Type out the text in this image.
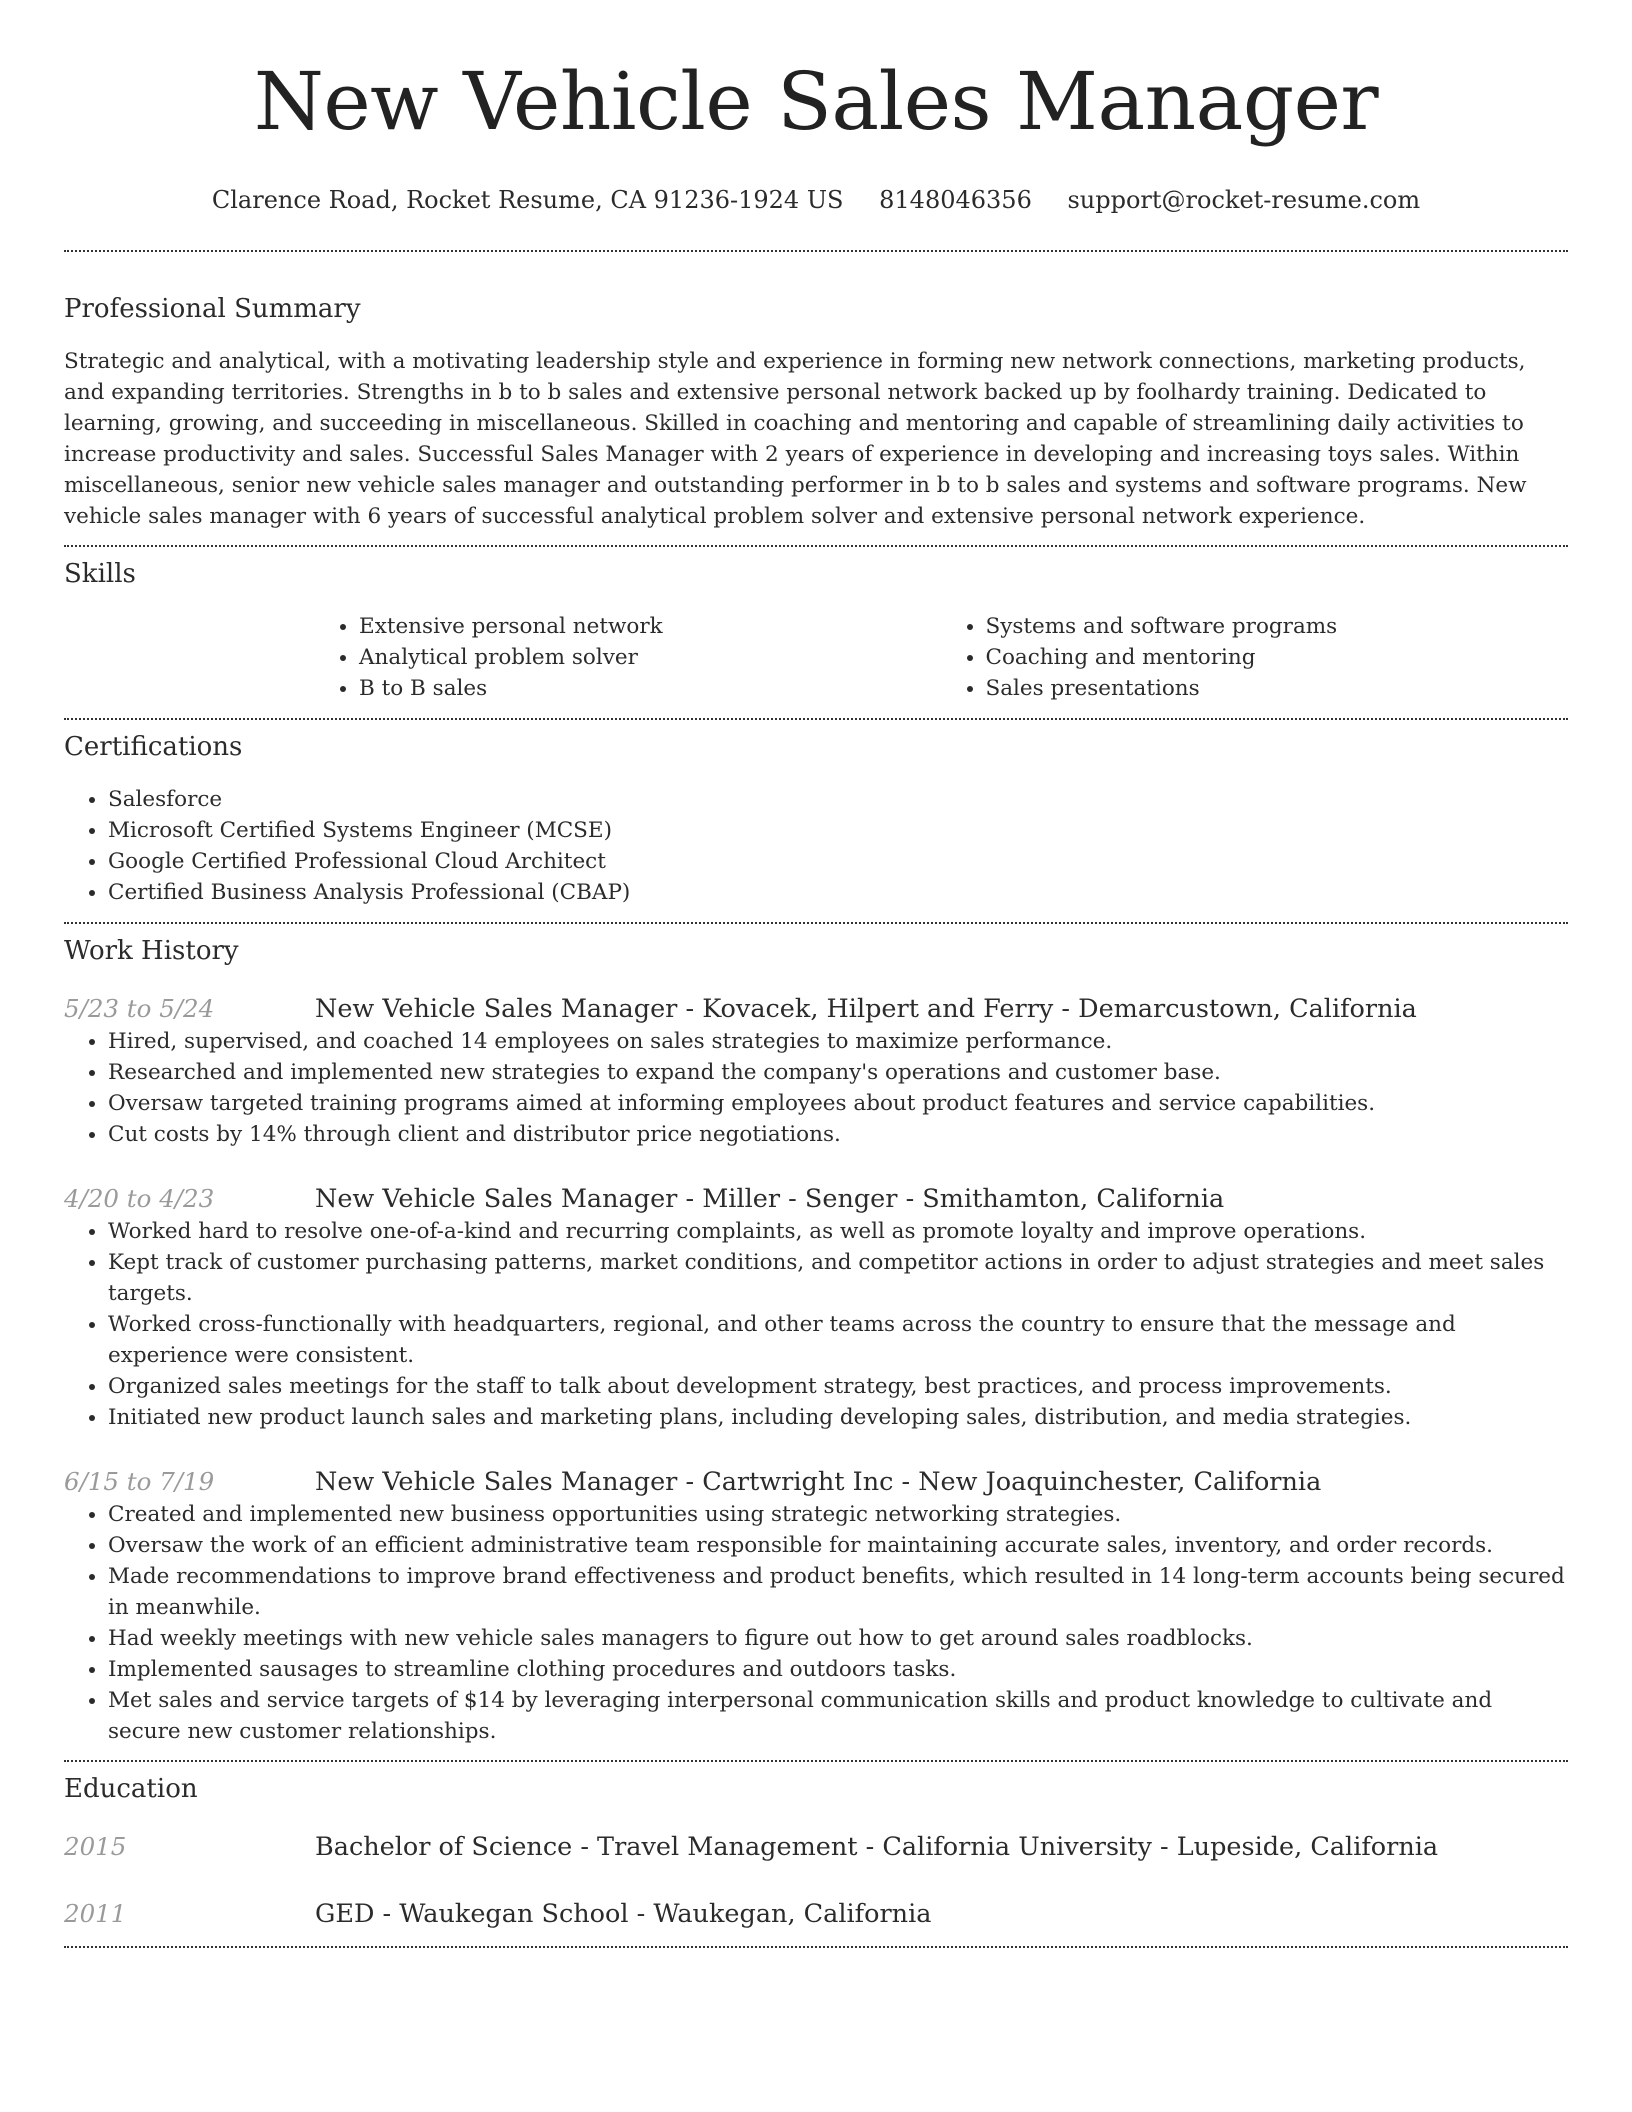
New Vehicle Sales Manager
Clarence Road, Rocket Resume, CA 91236-1924 US 8148046356 support@rocket-resume.com
Professional Summary

Strategic and analytical, with a motivating leadership style and experience in forming new network connections, marketing products, and expanding territories. Strengths in b to b sales and extensive personal network backed up by foolhardy training. Dedicated to learning, growing, and succeeding in miscellaneous. Skilled in coaching and mentoring and capable of streamlining daily activities to increase productivity and sales. Successful Sales Manager with 2 years of experience in developing and increasing toys sales. Within miscellaneous, senior new vehicle sales manager and outstanding performer in b to b sales and systems and software programs. New vehicle sales manager with 6 years of successful analytical problem solver and extensive personal network experience.

Skills
• Extensive personal network
• Analytical problem solver
• B to B sales
• Systems and software programs
• Coaching and mentoring
• Sales presentations
Certifications
• Salesforce
• Microsoft Certified Systems Engineer (MCSE)
• Google Certified Professional Cloud Architect
• Certified Business Analysis Professional (CBAP)
Work History
5/23 to 5/24	New Vehicle Sales Manager - Kovacek, Hilpert and Ferry - Demarcustown, California
• Hired, supervised, and coached 14 employees on sales strategies to maximize performance.
• Researched and implemented new strategies to expand the company's operations and customer base.
• Oversaw targeted training programs aimed at informing employees about product features and service capabilities.
• Cut costs by 14% through client and distributor price negotiations.
4/20 to 4/23	New Vehicle Sales Manager - Miller - Senger - Smithamton, California
• Worked hard to resolve one-of-a-kind and recurring complaints, as well as promote loyalty and improve operations.
• Kept track of customer purchasing patterns, market conditions, and competitor actions in order to adjust strategies and meet sales targets.
• Worked cross-functionally with headquarters, regional, and other teams across the country to ensure that the message and experience were consistent.
• Organized sales meetings for the staff to talk about development strategy, best practices, and process improvements.
• Initiated new product launch sales and marketing plans, including developing sales, distribution, and media strategies.
6/15 to 7/19	New Vehicle Sales Manager - Cartwright Inc - New Joaquinchester, California
• Created and implemented new business opportunities using strategic networking strategies.
• Oversaw the work of an efficient administrative team responsible for maintaining accurate sales, inventory, and order records.
• Made recommendations to improve brand effectiveness and product benefits, which resulted in 14 long-term accounts being secured in meanwhile.
• Had weekly meetings with new vehicle sales managers to figure out how to get around sales roadblocks.
• Implemented sausages to streamline clothing procedures and outdoors tasks.
• Met sales and service targets of $14 by leveraging interpersonal communication skills and product knowledge to cultivate and secure new customer relationships.
Education
2015	Bachelor of Science - Travel Management - California University - Lupeside, California
2011	GED - Waukegan School - Waukegan, California
